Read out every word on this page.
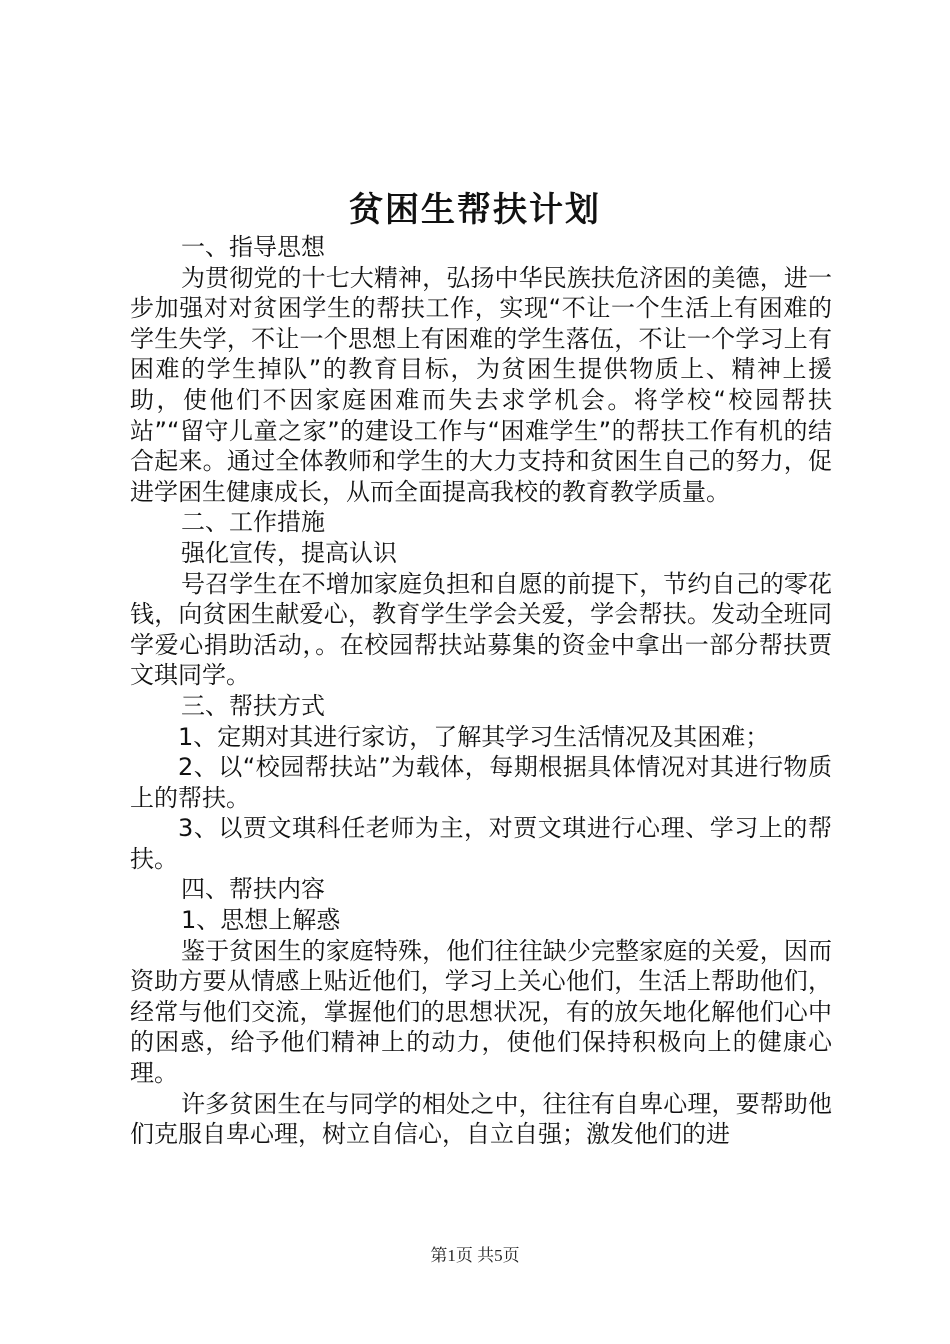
贫困生帮扶计划

一、指导思想

为贯彻党的十七大精神，弘扬中华民族扶危济困的美德，进一步加强对对贫困学生的帮扶工作，实现“不让一个生活上有困难的学生失学，不让一个思想上有困难的学生落伍，不让一个学习上有困难的学生掉队”的教育目标，为贫困生提供物质上、精神上援助，使他们不因家庭困难而失去求学机会。将学校“校园帮扶站”“留守儿童之家”的建设工作与“困难学生”的帮扶工作有机的结合起来。通过全体教师和学生的大力支持和贫困生自己的努力，促进学困生健康成长，从而全面提高我校的教育教学质量。

二、工作措施

强化宣传，提高认识

号召学生在不增加家庭负担和自愿的前提下，节约自己的零花钱，向贫困生献爱心，教育学生学会关爱，学会帮扶。发动全班同学爱心捐助活动，。在校园帮扶站募集的资金中拿出一部分帮扶贾文琪同学。

三、帮扶方式

1、定期对其进行家访，了解其学习生活情况及其困难；

2、以“校园帮扶站”为载体，每期根据具体情况对其进行物质上的帮扶。

3、以贾文琪科任老师为主，对贾文琪进行心理、学习上的帮扶。

四、帮扶内容

1、思想上解惑

鉴于贫困生的家庭特殊，他们往往缺少完整家庭的关爱，因而资助方要从情感上贴近他们，学习上关心他们，生活上帮助他们，经常与他们交流，掌握他们的思想状况，有的放矢地化解他们心中的困惑，给予他们精神上的动力，使他们保持积极向上的健康心理。

许多贫困生在与同学的相处之中，往往有自卑心理，要帮助他们克服自卑心理，树立自信心，自立自强；激发他们的进

第1页 共5页
